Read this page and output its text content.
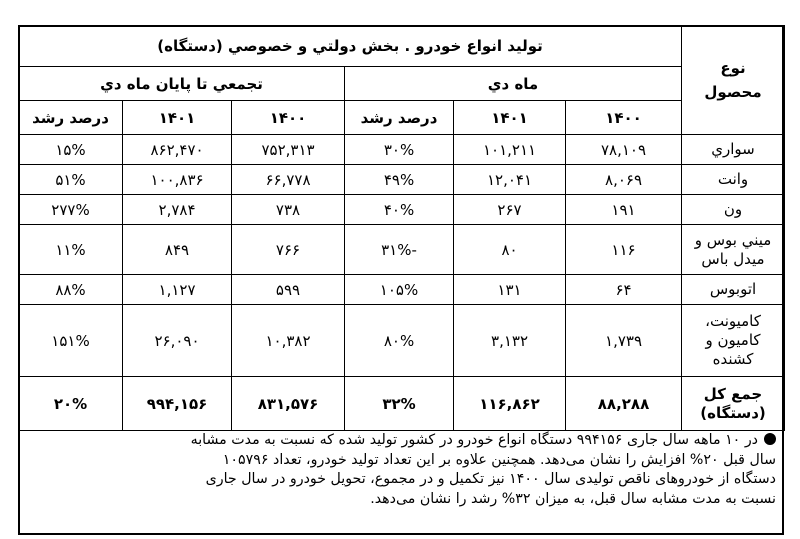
نوع
محصول	توليد انواع خودرو . بخش دولتي و خصوصي (دستگاه)					
	ماه دي			تجمعي تا پايان ماه دي		
	۱۴۰۰	۱۴۰۱	درصد رشد	۱۴۰۰	۱۴۰۱	درصد رشد

سواري	۷۸,۱۰۹	۱۰۱,۲۱۱	۳۰%	۷۵۲,۳۱۳	۸۶۲,۴۷۰	۱۵%

وانت	۸,۰۶۹	۱۲,۰۴۱	۴۹%	۶۶,۷۷۸	۱۰۰,۸۳۶	۵۱%

ون	۱۹۱	۲۶۷	۴۰%	۷۳۸	۲,۷۸۴	۲۷۷%

ميني بوس و
ميدل باس	۱۱۶	۸۰	-۳۱%	۷۶۶	۸۴۹	۱۱%

اتوبوس	۶۴	۱۳۱	۱۰۵%	۵۹۹	۱,۱۲۷	۸۸%

كاميونت،
كاميون و
كشنده	۱,۷۳۹	۳,۱۳۲	۸۰%	۱۰,۳۸۲	۲۶,۰۹۰	۱۵۱%

جمع كل
(دستگاه)	۸۸,۲۸۸	۱۱۶,۸۶۲	۳۲%	۸۳۱,۵۷۶	۹۹۴,۱۵۶	۲۰%
در ۱۰ ماهه سال جاری ۹۹۴۱۵۶ دستگاه انواع خودرو در كشور توليد شده كه نسبت به مدت مشابه
سال قبل ۲۰% افزايش را نشان می‌دهد. همچنين علاوه بر اين تعداد توليد خودرو، تعداد ۱۰۵۷۹۶
دستگاه از خودروهای ناقص توليدی سال ۱۴۰۰ نيز تكميل و در مجموع، تحويل خودرو در سال جاری
نسبت به مدت مشابه سال قبل، به ميزان ۳۲% رشد را نشان می‌دهد.
